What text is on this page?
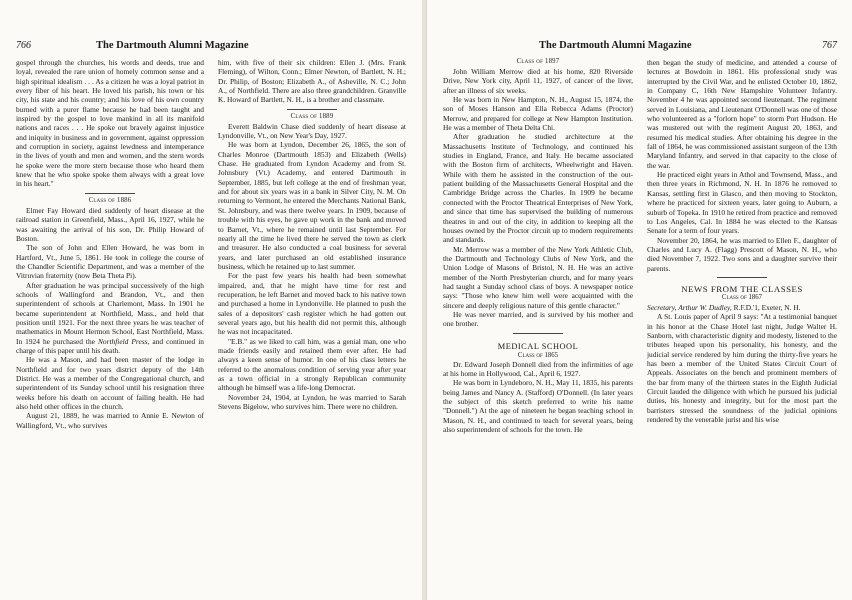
766	The Dartmouth Alumni Magazine

gospel through the churches, his words and deeds, true and loyal, revealed the rare union of homely common sense and a high spiritual idealism . . . As a citizen he was a loyal patriot in every fiber of his heart. He loved his parish, his town or his city, his state and his country; and his love of his own country burned with a purer flame because he had been taught and inspired by the gospel to love mankind in all its manifold nations and races . . . He spoke out bravely against injustice and iniquity in business and in government, against oppression and corruption in society, against lewdness and intemperance in the lives of youth and men and women, and the stern words he spoke were the more stern because those who heard them knew that he who spoke spoke them always with a great love in his heart."

Class of 1886

Elmer Fay Howard died suddenly of heart disease at the railroad station in Greenfield, Mass., April 16, 1927, while he was awaiting the arrival of his son, Dr. Philip Howard of Boston.

The son of John and Ellen Howard, he was born in Hartford, Vt., June 5, 1861. He took in college the course of the Chandler Scientific Department, and was a member of the Vitruvian fraternity (now Beta Theta Pi).

After graduation he was principal successively of the high schools of Wallingford and Brandon, Vt., and then superintendent of schools at Charlemont, Mass. In 1901 he became superintendent at Northfield, Mass., and held that position until 1921. For the next three years he was teacher of mathematics in Mount Hermon School, East Northfield, Mass. In 1924 he purchased the Northfield Press, and continued in charge of this paper until his death.

He was a Mason, and had been master of the lodge in Northfield and for two years district deputy of the 14th District. He was a member of the Congregational church, and superintendent of its Sunday school until his resignation three weeks before his death on account of failing health. He had also held other offices in the church.

August 21, 1889, he was married to Annie E. Newton of Wallingford, Vt., who survives

him, with five of their six children: Ellen J. (Mrs. Frank Fleming), of Wilton, Conn.; Elmer Newton, of Bartlett, N. H.; Dr. Philip, of Boston; Elizabeth A., of Asheville, N. C.; John A., of Northfield. There are also three grandchildren. Granville K. Howard of Bartlett, N. H., is a brother and classmate.

Class of 1889

Everett Baldwin Chase died suddenly of heart disease at Lyndonville, Vt., on New Year's Day, 1927.

He was born at Lyndon, December 26, 1865, the son of Charles Monroe (Dartmouth 1853) and Elizabeth (Wells) Chase. He graduated from Lyndon Academy and from St. Johnsbury (Vt.) Academy, and entered Dartmouth in September, 1885, but left college at the end of freshman year, and for about six years was in a bank in Silver City, N. M. On returning to Vermont, he entered the Merchants National Bank, St. Johnsbury, and was there twelve years. In 1909, because of trouble with his eyes, he gave up work in the bank and moved to Barnet, Vt., where he remained until last September. For nearly all the time he lived there he served the town as clerk and treasurer. He also conducted a coal business for several years, and later purchased an old established insurance business, which he retained up to last summer.

For the past few years his health had been somewhat impaired, and, that he might have time for rest and recuperation, he left Barnet and moved back to his native town and purchased a home in Lyndonville. He planned to push the sales of a depositors' cash register which he had gotten out several years ago, but his health did not permit this, although he was not incapacitated.

"E.B." as we liked to call him, was a genial man, one who made friends easily and retained them ever after. He had always a keen sense of humor. In one of his class letters he referred to the anomalous condition of serving year after year as a town official in a strongly Republican community although he himself was a life-long Democrat.

November 24, 1904, at Lyndon, he was married to Sarah Stevens Bigelow, who survives him. There were no children.

The Dartmouth Alumni Magazine	767
Class of 1897

John William Merrow died at his home, 820 Riverside Drive, New York city, April 11, 1927, of cancer of the liver, after an illness of six weeks.

He was born in New Hampton, N. H., August 15, 1874, the son of Moses Hanson and Ella Rebecca Adams (Proctor) Merrow, and prepared for college at New Hampton Institution. He was a member of Theta Delta Chi.

After graduation he studied architecture at the Massachusetts Institute of Technology, and continued his studies in England, France, and Italy. He became associated with the Boston firm of architects, Wheelwright and Haven. While with them he assisted in the construction of the out-patient building of the Massachusetts General Hospital and the Cambridge Bridge across the Charles. In 1909 he became connected with the Proctor Theatrical Enterprises of New York, and since that time has supervised the building of numerous theatres in and out of the city, in addition to keeping all the houses owned by the Proctor circuit up to modern requirements and standards.

Mr. Merrow was a member of the New York Athletic Club, the Dartmouth and Technology Clubs of New York, and the Union Lodge of Masons of Bristol, N. H. He was an active member of the North Presbyterian church, and for many years had taught a Sunday school class of boys. A newspaper notice says: "Those who knew him well were acquainted with the sincere and deeply religious nature of this gentle character."

He was never married, and is survived by his mother and one brother.

MEDICAL SCHOOL
Class of 1865

Dr. Edward Joseph Donnell died from the infirmities of age at his home in Hollywood, Cal., April 6, 1927.

He was born in Lyndeboro, N. H., May 11, 1835, his parents being James and Nancy A. (Stafford) O'Donnell. (In later years the subject of this sketch preferred to write his name "Donnell.") At the age of nineteen he began teaching school in Mason, N. H., and continued to teach for several years, being also superintendent of schools for the town. He

then began the study of medicine, and attended a course of lectures at Bowdoin in 1861. His professional study was interrupted by the Civil War, and he enlisted October 10, 1862, in Company C, 16th New Hampshire Volunteer Infantry. November 4 he was appointed second lieutenant. The regiment served in Louisiana, and Lieutenant O'Donnell was one of those who volunteered as a "forlorn hope" to storm Port Hudson. He was mustered out with the regiment August 20, 1863, and resumed his medical studies. After obtaining his degree in the fall of 1864, he was commissioned assistant surgeon of the 13th Maryland Infantry, and served in that capacity to the close of the war.

He practiced eight years in Athol and Townsend, Mass., and then three years in Richmond, N. H. In 1876 he removed to Kansas, settling first in Glasco, and then moving to Stockton, where he practiced for sixteen years, later going to Auburn, a suburb of Topeka. In 1910 he retired from practice and removed to Los Angeles, Cal. In 1884 he was elected to the Kansas Senate for a term of four years.

November 20, 1864, he was married to Ellen F., daughter of Charles and Lucy A. (Flagg) Prescott of Mason, N. H., who died November 7, 1922. Two sons and a daughter survive their parents.

NEWS FROM THE CLASSES
Class of 1867

Secretary, Arthur W. Dudley, R.F.D.'1, Exeter, N. H.

A St. Louis paper of April 9 says: "At a testimonial banquet in his honor at the Chase Hotel last night, Judge Walter H. Sanborn, with characteristic dignity and modesty, listened to the tributes heaped upon his personality, his honesty, and the judicial service rendered by him during the thirty-five years he has been a member of the United States Circuit Court of Appeals. Associates on the bench and prominent members of the bar from many of the thirteen states in the Eighth Judicial Circuit lauded the diligence with which he pursued his judicial duties, his honesty and integrity, but for the most part the barristers stressed the soundness of the judicial opinions rendered by the venerable jurist and his wise
